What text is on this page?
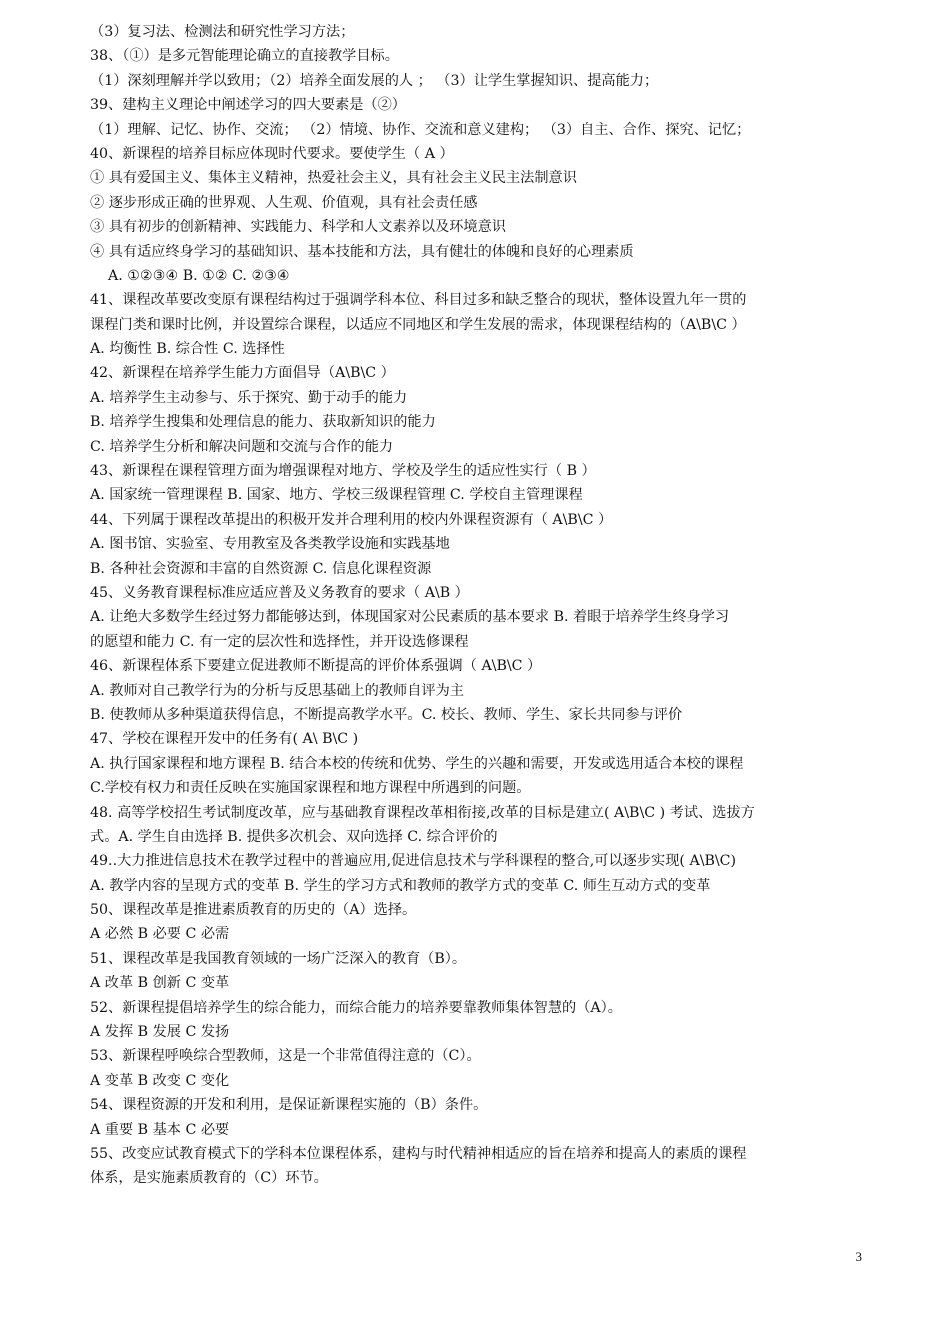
（3）复习法、检测法和研究性学习方法；
38、（①）是多元智能理论确立的直接教学目标。
（1）深刻理解并学以致用；（2）培养全面发展的人 ； （3）让学生掌握知识、提高能力；
39、建构主义理论中阐述学习的四大要素是（②）
（1）理解、记忆、协作、交流； （2）情境、协作、交流和意义建构； （3）自主、合作、探究、记忆；
40、新课程的培养目标应体现时代要求。要使学生（ A ）
① 具有爱国主义、集体主义精神，热爱社会主义，具有社会主义民主法制意识
② 逐步形成正确的世界观、人生观、价值观，具有社会责任感
③ 具有初步的创新精神、实践能力、科学和人文素养以及环境意识
④ 具有适应终身学习的基础知识、基本技能和方法，具有健壮的体魄和良好的心理素质
A. ①②③④ B. ①② C. ②③④
41、课程改革要改变原有课程结构过于强调学科本位、科目过多和缺乏整合的现状，整体设置九年一贯的
课程门类和课时比例，并设置综合课程，以适应不同地区和学生发展的需求，体现课程结构的（A\B\C ）
A. 均衡性 B. 综合性 C. 选择性
42、新课程在培养学生能力方面倡导（A\B\C ）
A. 培养学生主动参与、乐于探究、勤于动手的能力
B. 培养学生搜集和处理信息的能力、获取新知识的能力
C. 培养学生分析和解决问题和交流与合作的能力
43、新课程在课程管理方面为增强课程对地方、学校及学生的适应性实行（ B ）
A. 国家统一管理课程 B. 国家、地方、学校三级课程管理 C. 学校自主管理课程
44、下列属于课程改革提出的积极开发并合理利用的校内外课程资源有（ A\B\C ）
A. 图书馆、实验室、专用教室及各类教学设施和实践基地
B. 各种社会资源和丰富的自然资源 C. 信息化课程资源
45、义务教育课程标准应适应普及义务教育的要求（ A\B ）
A. 让绝大多数学生经过努力都能够达到，体现国家对公民素质的基本要求 B. 着眼于培养学生终身学习
的愿望和能力 C. 有一定的层次性和选择性，并开设选修课程
46、新课程体系下要建立促进教师不断提高的评价体系强调（ A\B\C ）
A. 教师对自己教学行为的分析与反思基础上的教师自评为主
B. 使教师从多种渠道获得信息，不断提高教学水平。C. 校长、教师、学生、家长共同参与评价
47、学校在课程开发中的任务有( A\ B\C )
A. 执行国家课程和地方课程 B. 结合本校的传统和优势、学生的兴趣和需要，开发或选用适合本校的课程
C.学校有权力和责任反映在实施国家课程和地方课程中所遇到的问题。
48. 高等学校招生考试制度改革，应与基础教育课程改革相衔接,改革的目标是建立( A\B\C ) 考试、选拔方
式。A. 学生自由选择 B. 提供多次机会、双向选择 C. 综合评价的
49..大力推进信息技术在教学过程中的普遍应用,促进信息技术与学科课程的整合,可以逐步实现( A\B\C)
A. 教学内容的呈现方式的变革 B. 学生的学习方式和教师的教学方式的变革 C. 师生互动方式的变革
50、课程改革是推进素质教育的历史的（A）选择。
A 必然 B 必要 C 必需
51、课程改革是我国教育领域的一场广泛深入的教育（B）。
A 改革 B 创新 C 变革
52、新课程提倡培养学生的综合能力，而综合能力的培养要靠教师集体智慧的（A）。
A 发挥 B 发展 C 发扬
53、新课程呼唤综合型教师，这是一个非常值得注意的（C）。
A 变革 B 改变 C 变化
54、课程资源的开发和利用，是保证新课程实施的（B）条件。
A 重要 B 基本 C 必要
55、改变应试教育模式下的学科本位课程体系，建构与时代精神相适应的旨在培养和提高人的素质的课程
体系，是实施素质教育的（C）环节。
3
